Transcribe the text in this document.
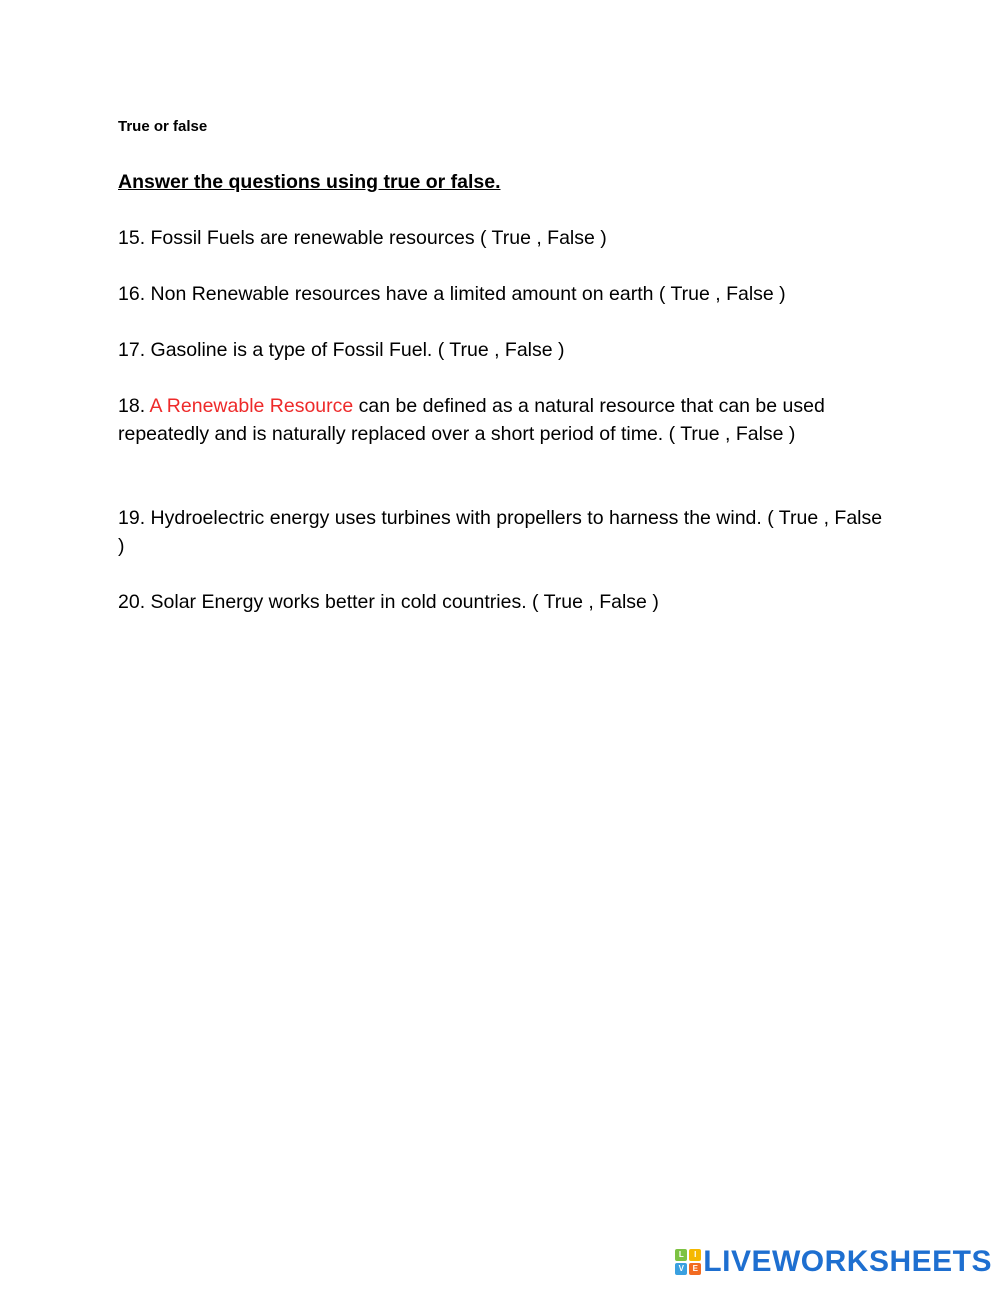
True or false
Answer the questions using true or false.
15. Fossil Fuels are renewable resources ( True , False )
16. Non Renewable resources have a limited amount on earth ( True , False )
17. Gasoline is a type of Fossil Fuel. ( True , False )
18. A Renewable Resource can be defined as a natural resource that can be used repeatedly and is naturally replaced over a short period of time. ( True , False )
19. Hydroelectric energy uses turbines with propellers to harness the wind. ( True , False )
20. Solar Energy works better in cold countries. ( True , False )
L	I
V	E LIVEWORKSHEETS
